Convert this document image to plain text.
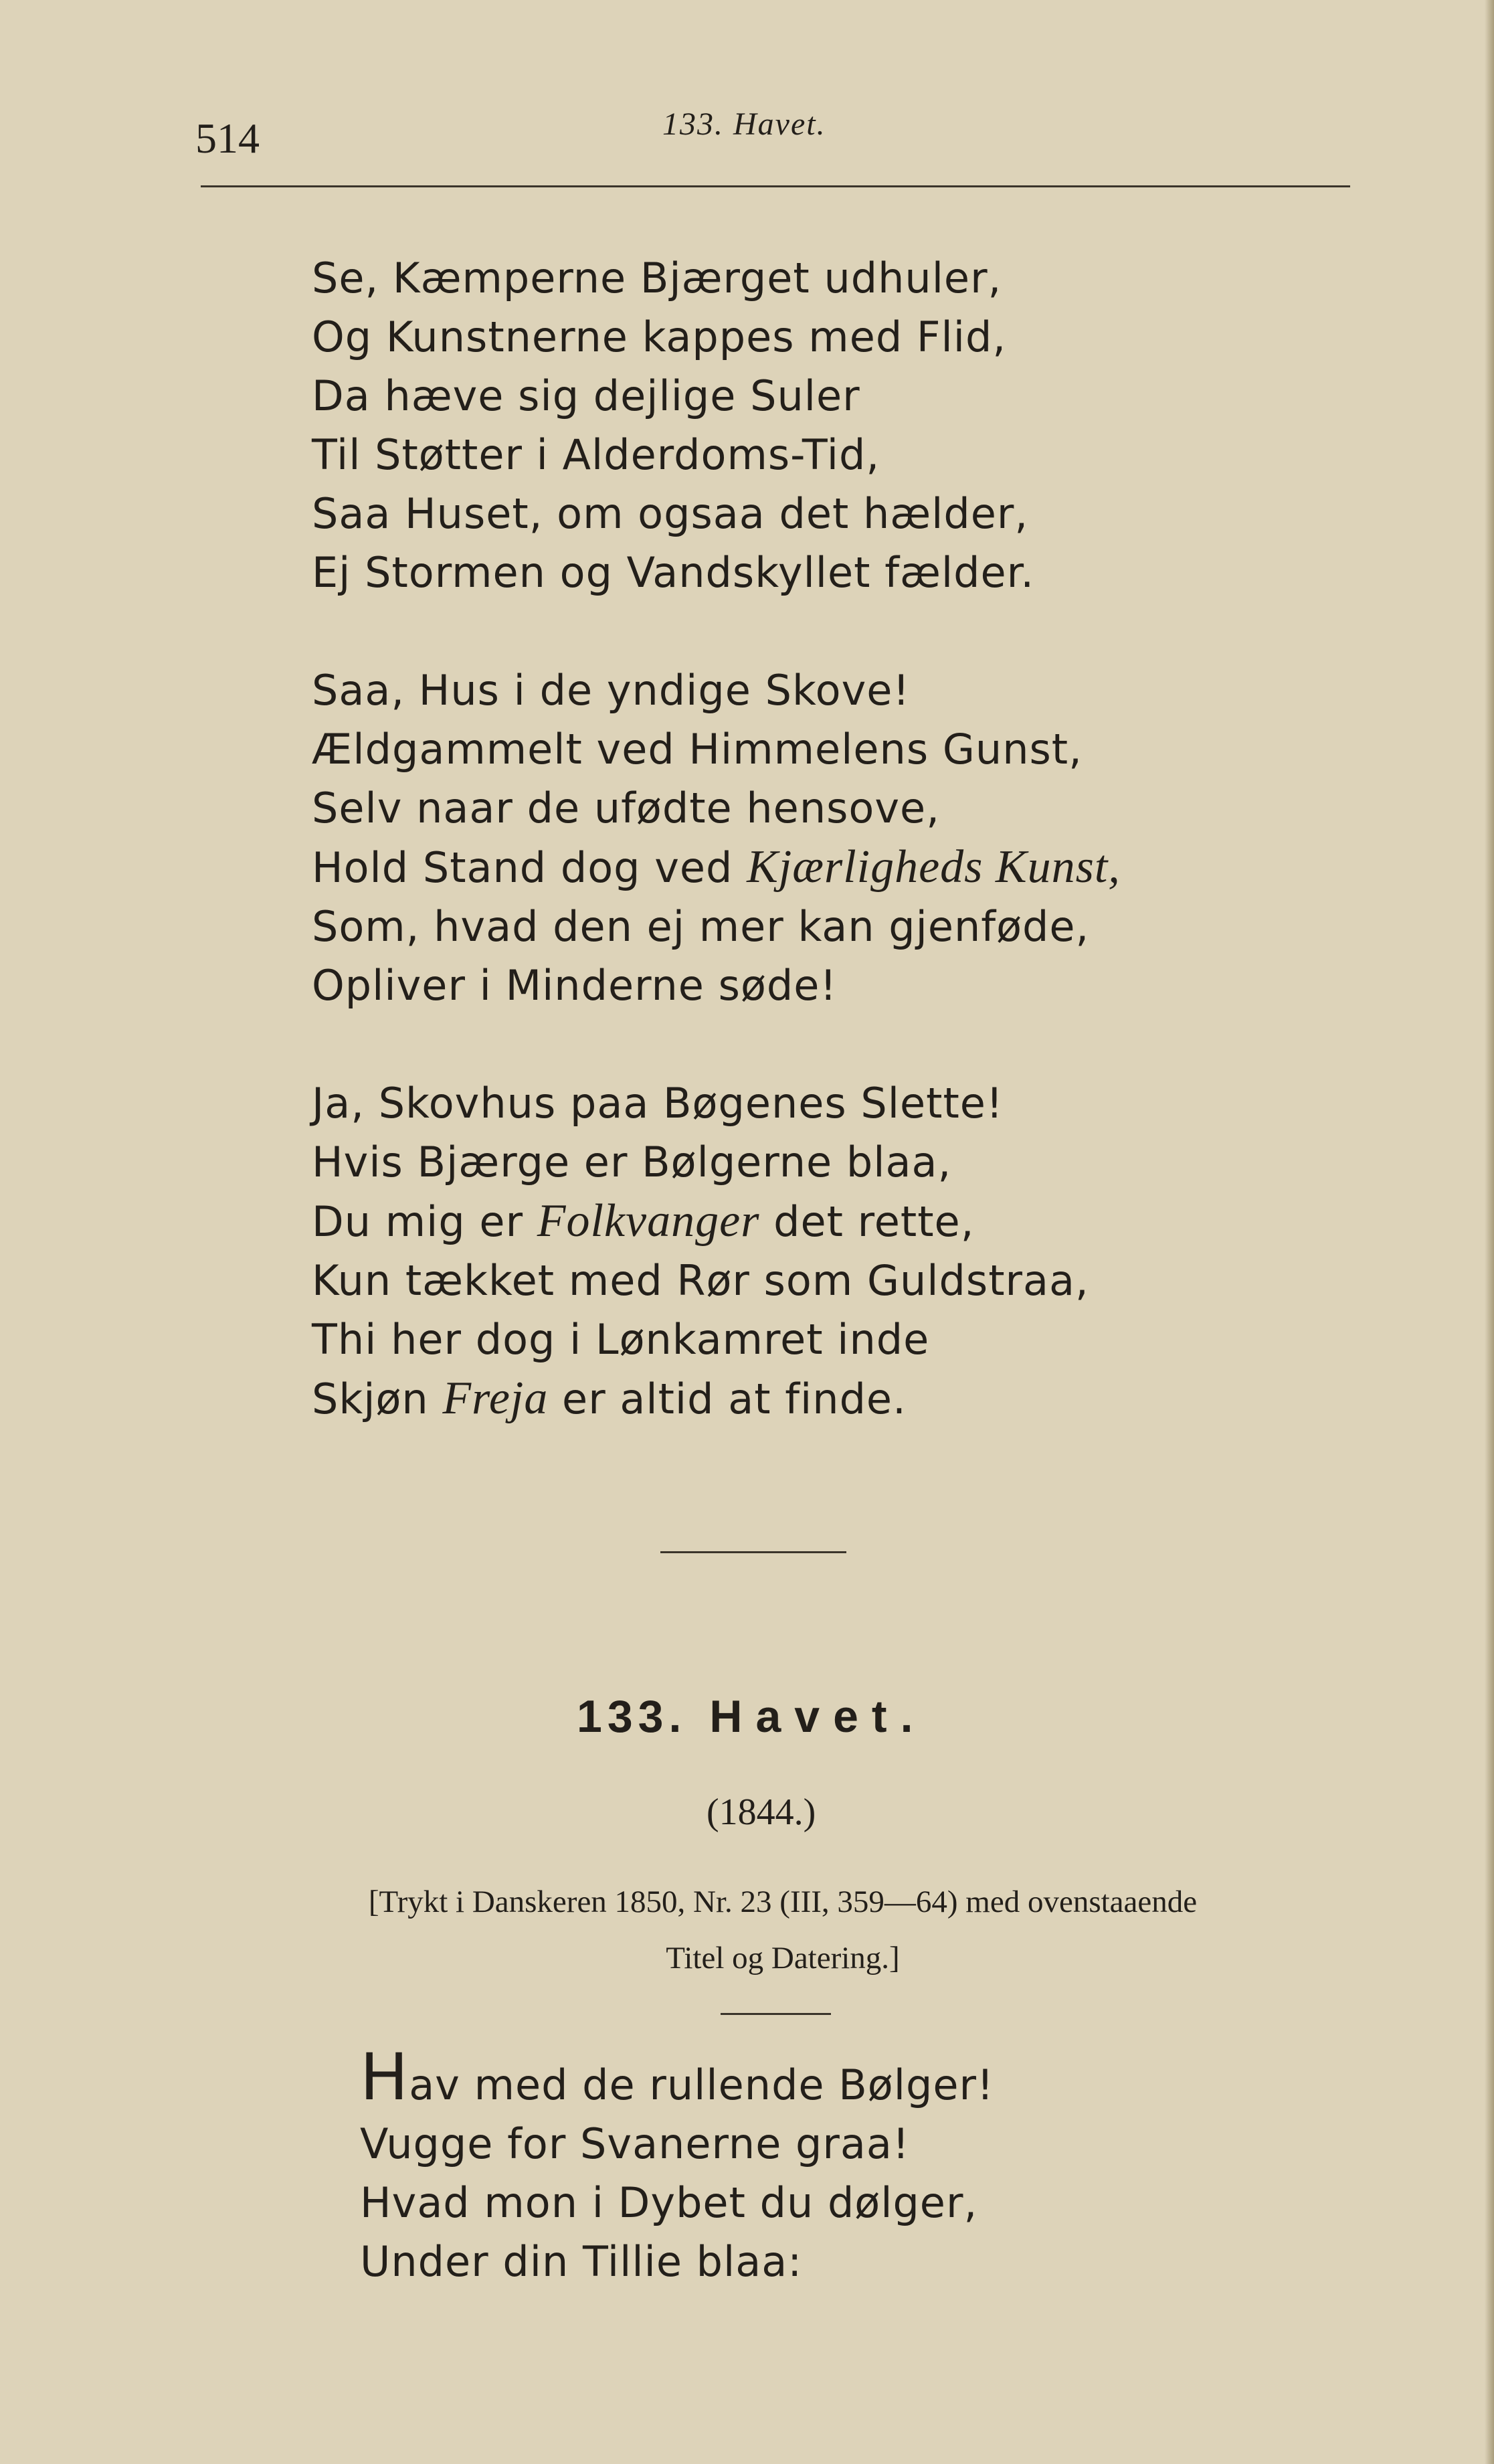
514	133. Havet.
Se, Kæmperne Bjærget udhuler,
Og Kunstnerne kappes med Flid,
Da hæve sig dejlige Suler
Til Støtter i Alderdoms-Tid,
Saa Huset, om ogsaa det hælder,
Ej Stormen og Vandskyllet fælder.
Saa, Hus i de yndige Skove!
Ældgammelt ved Himmelens Gunst,
Selv naar de ufødte hensove,
Hold Stand dog ved Kjærligheds Kunst,
Som, hvad den ej mer kan gjenføde,
Opliver i Minderne søde!
Ja, Skovhus paa Bøgenes Slette!
Hvis Bjærge er Bølgerne blaa,
Du mig er Folkvanger det rette,
Kun tækket med Rør som Guldstraa,
Thi her dog i Lønkamret inde
Skjøn Freja er altid at finde.
133. Havet.
(1844.)
[Trykt i Danskeren 1850, Nr. 23 (III, 359—64) med ovenstaaende
Titel og Datering.]
Hav med de rullende Bølger!
Vugge for Svanerne graa!
Hvad mon i Dybet du dølger,
Under din Tillie blaa:
